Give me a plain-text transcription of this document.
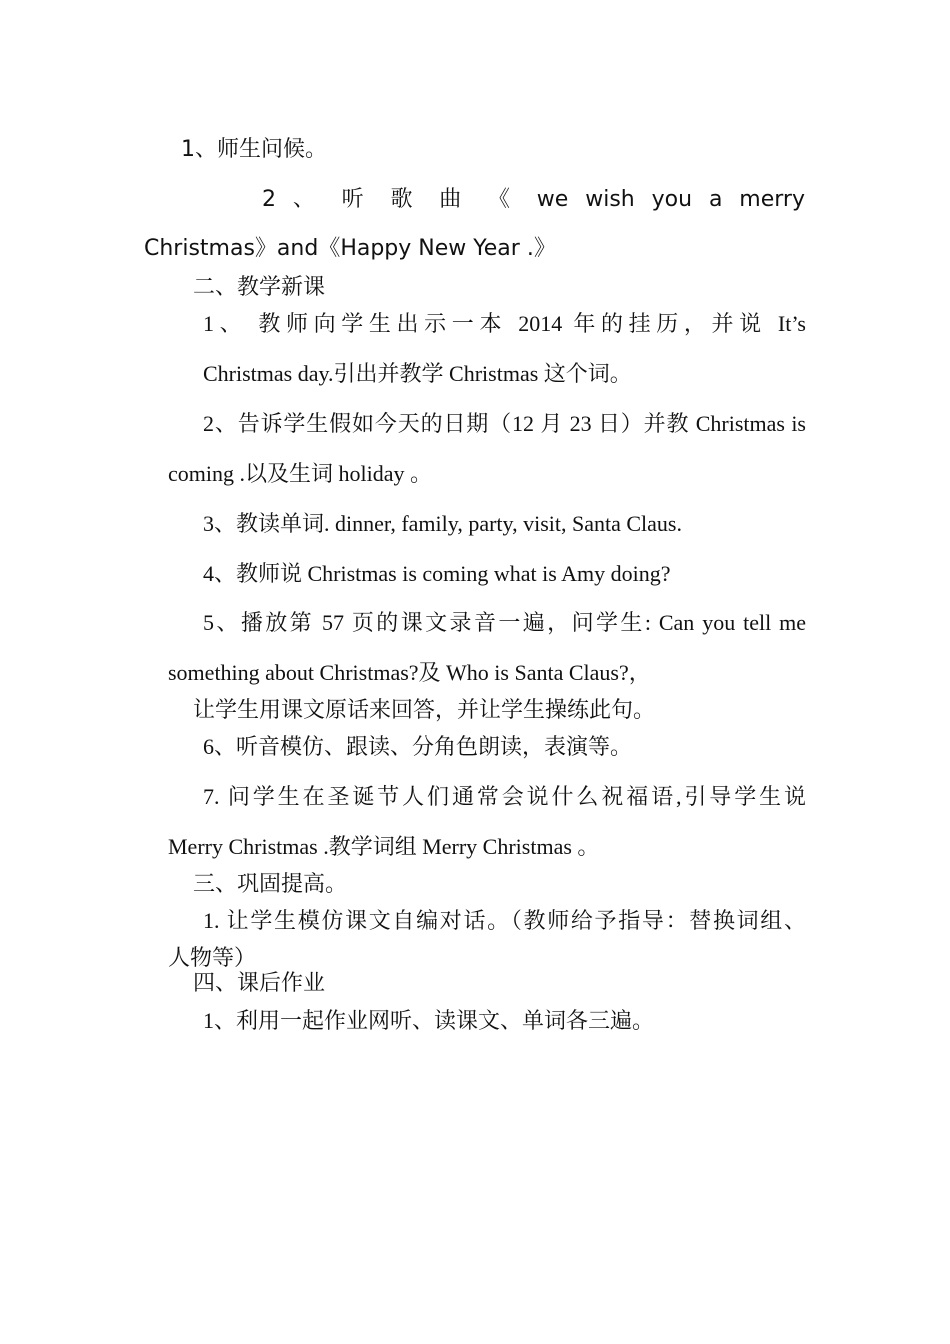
1、师生问候。
2 、 听 歌 曲 《 we wish you a merry
Christmas》and《Happy New Year .》
二、教学新课
1、 教师向学生出示一本 2014 年的挂历，并说 It’s
Christmas day.引出并教学 Christmas 这个词。
2、告诉学生假如今天的日期（12 月 23 日）并教 Christmas is
coming .以及生词 holiday 。
3、教读单词. dinner, family, party, visit, Santa Claus.
4、教师说 Christmas is coming what is Amy doing?
5、播放第 57 页的课文录音一遍，问学生: Can you tell me
something about Christmas?及 Who is Santa Claus?，
让学生用课文原话来回答，并让学生操练此句。
6、听音模仿、跟读、分角色朗读，表演等。
7. 问学生在圣诞节人们通常会说什么祝福语,引导学生说
Merry Christmas .教学词组 Merry Christmas 。
三、巩固提高。
1. 让学生模仿课文自编对话。（教师给予指导：替换词组、
人物等）
四、课后作业
1、利用一起作业网听、读课文、单词各三遍。
